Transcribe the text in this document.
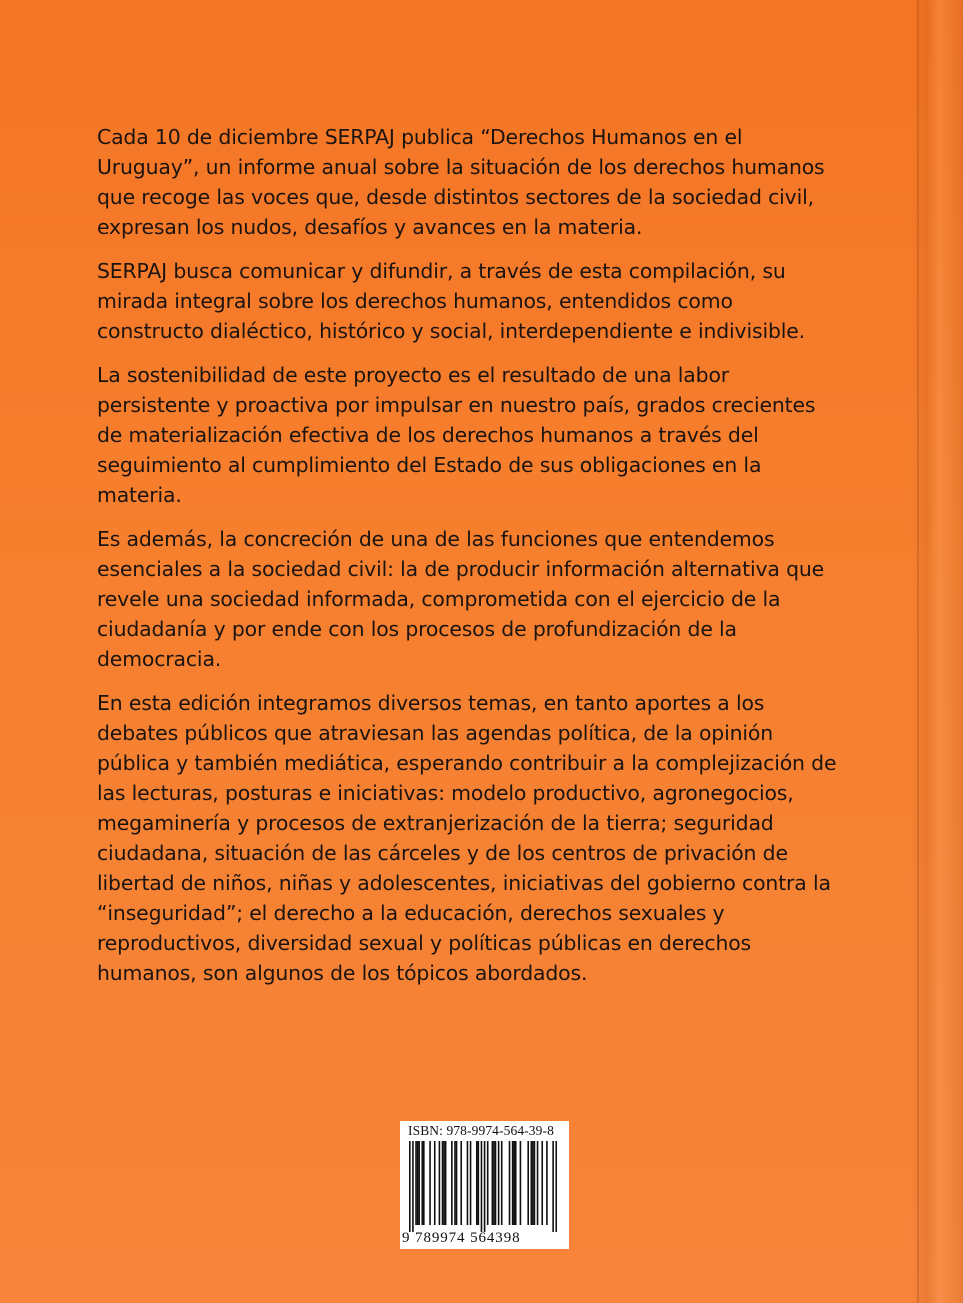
Cada 10 de diciembre SERPAJ publica “Derechos Humanos en el Uruguay”, un informe anual sobre la situación de los derechos humanos que recoge las voces que, desde distintos sectores de la sociedad civil, expresan los nudos, desafíos y avances en la materia.

SERPAJ busca comunicar y difundir, a través de esta compilación, su mirada integral sobre los derechos humanos, entendidos como constructo dialéctico, histórico y social, interdependiente e indivisible.

La sostenibilidad de este proyecto es el resultado de una labor persistente y proactiva por impulsar en nuestro país, grados crecientes de materialización efectiva de los derechos humanos a través del seguimiento al cumplimiento del Estado de sus obligaciones en la materia.

Es además, la concreción de una de las funciones que entendemos esenciales a la sociedad civil: la de producir información alternativa que revele una sociedad informada, comprometida con el ejercicio de la ciudadanía y por ende con los procesos de profundización de la democracia.

En esta edición integramos diversos temas, en tanto aportes a los debates públicos que atraviesan las agendas política, de la opinión pública y también mediática, esperando contribuir a la complejización de las lecturas, posturas e iniciativas: modelo productivo, agronegocios, megaminería y procesos de extranjerización de la tierra; seguridad ciudadana, situación de las cárceles y de los centros de privación de libertad de niños, niñas y adolescentes, iniciativas del gobierno contra la “inseguridad”; el derecho a la educación, derechos sexuales y reproductivos, diversidad sexual y políticas públicas en derechos humanos, son algunos de los tópicos abordados.

ISBN: 978-9974-564-39-8
9 789974 564398
